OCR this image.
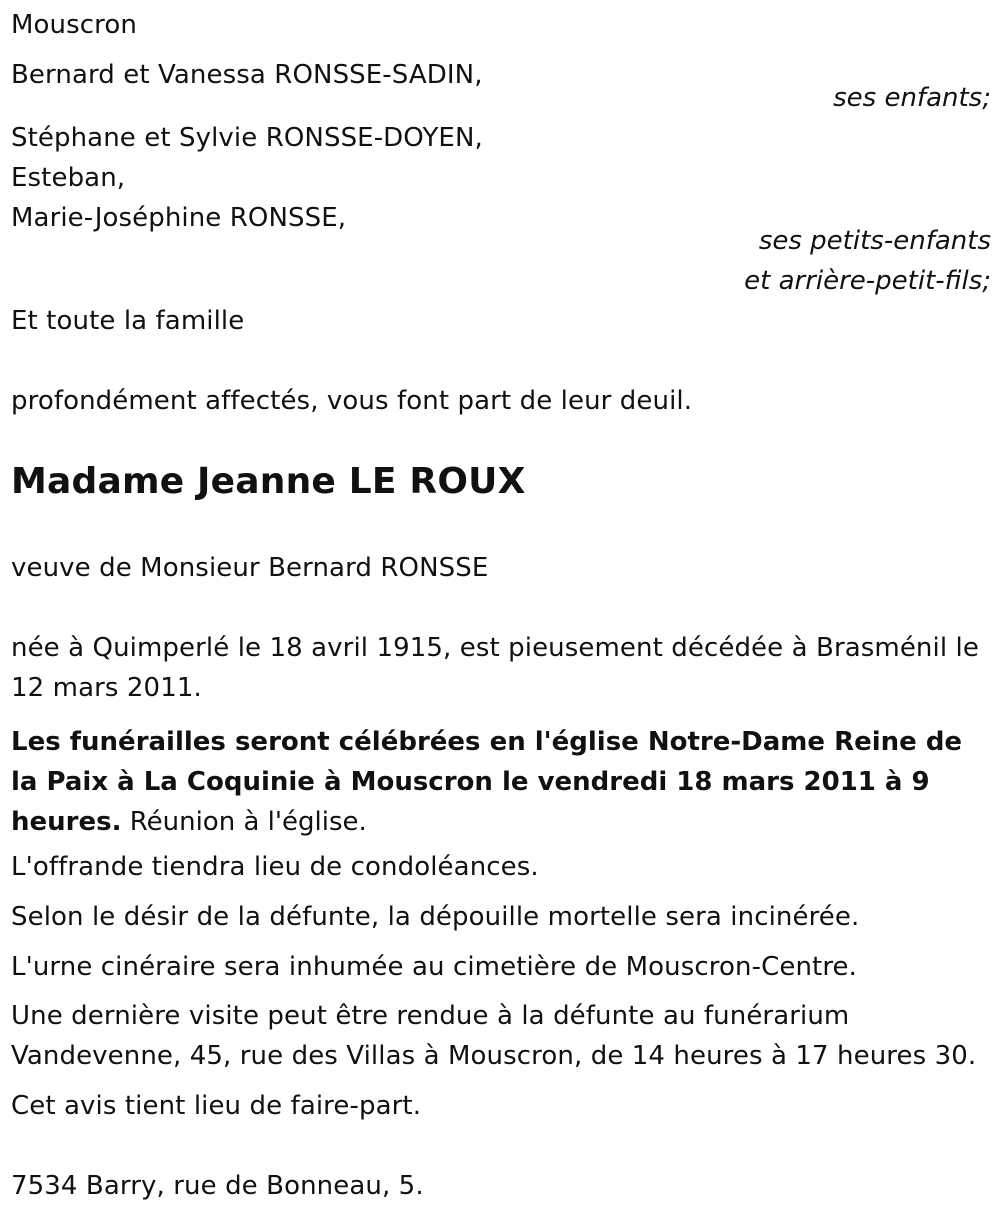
Mouscron
Bernard et Vanessa RONSSE-SADIN,
ses enfants;
Stéphane et Sylvie RONSSE-DOYEN,
Esteban,
Marie-Joséphine RONSSE,
ses petits-enfants
et arrière-petit-fils;
Et toute la famille
profondément affectés, vous font part de leur deuil.
Madame Jeanne LE ROUX
veuve de Monsieur Bernard RONSSE
née à Quimperlé le 18 avril 1915, est pieusement décédée à Brasménil le
12 mars 2011.
Les funérailles seront célébrées en l'église Notre-Dame Reine de la Paix à La Coquinie à Mouscron le vendredi 18 mars 2011 à 9 heures. Réunion à l'église.
L'offrande tiendra lieu de condoléances.
Selon le désir de la défunte, la dépouille mortelle sera incinérée.
L'urne cinéraire sera inhumée au cimetière de Mouscron-Centre.
Une dernière visite peut être rendue à la défunte au funérarium
Vandevenne, 45, rue des Villas à Mouscron, de 14 heures à 17 heures 30.
Cet avis tient lieu de faire-part.
7534 Barry, rue de Bonneau, 5.
